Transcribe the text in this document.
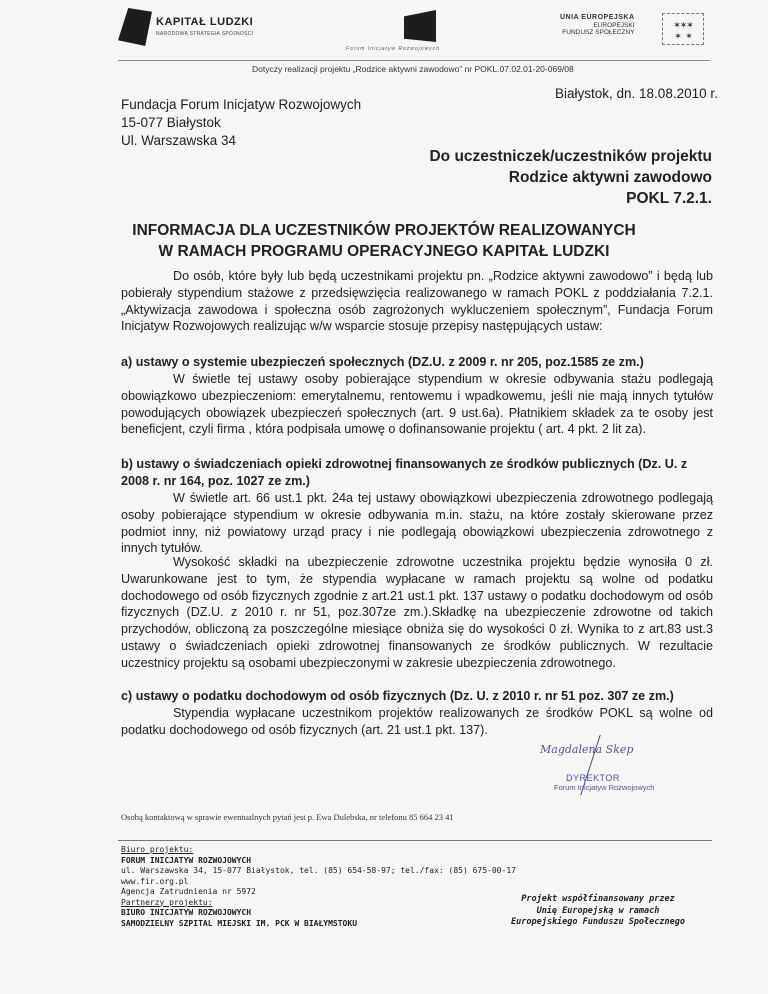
KAPITAŁ LUDZKI
NARODOWA STRATEGIA SPÓJNOŚCI
Forum Inicjatyw Rozwojowych
UNIA EUROPEJSKA
EUROPEJSKI
FUNDUSZ SPOŁECZNY
✶✶✶
✶   ✶
Dotyczy realizacji projektu „Rodzice aktywni zawodowo” nr POKL.07.02.01-20-069/08
Białystok, dn. 18.08.2010 r.
Fundacja Forum Inicjatyw Rozwojowych
15-077 Białystok
Ul. Warszawska 34
Do uczestniczek/uczestników projektu
Rodzice aktywni zawodowo
POKL 7.2.1.
INFORMACJA DLA UCZESTNIKÓW PROJEKTÓW REALIZOWANYCH
W RAMACH PROGRAMU OPERACYJNEGO KAPITAŁ LUDZKI
Do osób, które były lub będą uczestnikami projektu pn. „Rodzice aktywni zawodowo” i będą lub pobierały stypendium stażowe z przedsięwzięcia realizowanego w ramach POKL z poddziałania 7.2.1. „Aktywizacja zawodowa i społeczna osób zagrożonych wykluczeniem społecznym”, Fundacja Forum Inicjatyw Rozwojowych realizując w/w wsparcie stosuje przepisy następujących ustaw:
a) ustawy o systemie ubezpieczeń społecznych (DZ.U. z 2009 r. nr 205, poz.1585 ze zm.)
W świetle tej ustawy osoby pobierające stypendium w okresie odbywania stażu podlegają obowiązkowo ubezpieczeniom: emerytalnemu, rentowemu i wpadkowemu, jeśli nie mają innych tytułów powodujących obowiązek ubezpieczeń społecznych (art. 9 ust.6a). Płatnikiem składek za te osoby jest beneficjent, czyli firma , która podpisała umowę o dofinansowanie projektu ( art. 4 pkt. 2 lit za).
b) ustawy o świadczeniach opieki zdrowotnej finansowanych ze środków publicznych (Dz. U. z 2008 r. nr 164, poz. 1027 ze zm.)
W świetle art. 66 ust.1 pkt. 24a tej ustawy obowiązkowi ubezpieczenia zdrowotnego podlegają osoby pobierające stypendium w okresie odbywania m.in. stażu, na które zostały skierowane przez podmiot inny, niż powiatowy urząd pracy i nie podlegają obowiązkowi ubezpieczenia zdrowotnego z innych tytułów.
Wysokość składki na ubezpieczenie zdrowotne uczestnika projektu będzie wynosiła 0 zł. Uwarunkowane jest to tym, że stypendia wypłacane w ramach projektu są wolne od podatku dochodowego od osób fizycznych zgodnie z art.21 ust.1 pkt. 137 ustawy o podatku dochodowym od osób fizycznych (DZ.U. z 2010 r. nr 51, poz.307ze zm.).Składkę na ubezpieczenie zdrowotne od takich przychodów, obliczoną za poszczególne miesiące obniża się do wysokości 0 zł. Wynika to z art.83 ust.3 ustawy o świadczeniach opieki zdrowotnej finansowanych ze środków publicznych. W rezultacie uczestnicy projektu są osobami ubezpieczonymi w zakresie ubezpieczenia zdrowotnego.
c) ustawy o podatku dochodowym od osób fizycznych (Dz. U. z 2010 r. nr 51 poz. 307 ze zm.)
Stypendia wypłacane uczestnikom projektów realizowanych ze środków POKL są wolne od podatku dochodowego od osób fizycznych (art. 21 ust.1 pkt. 137).
Magdalena Skep
DYREKTOR
Forum Inicjatyw Rozwojowych
Osobą kontaktową w sprawie ewentualnych pytań jest p. Ewa Dulebska, nr telefonu 85 664 23 41
Biuro projektu:
FORUM INICJATYW ROZWOJOWYCH
ul. Warszawska 34, 15-077 Białystok, tel. (85) 654-58-97; tel./fax: (85) 675-00-17
www.fir.org.pl
Agencja Zatrudnienia nr 5972
Partnerzy projektu:
BIURO INICJATYW ROZWOJOWYCH
SAMODZIELNY SZPITAL MIEJSKI IM. PCK W BIAŁYMSTOKU
Projekt współfinansowany przez
Unię Europejską w ramach
Europejskiego Funduszu Społecznego
